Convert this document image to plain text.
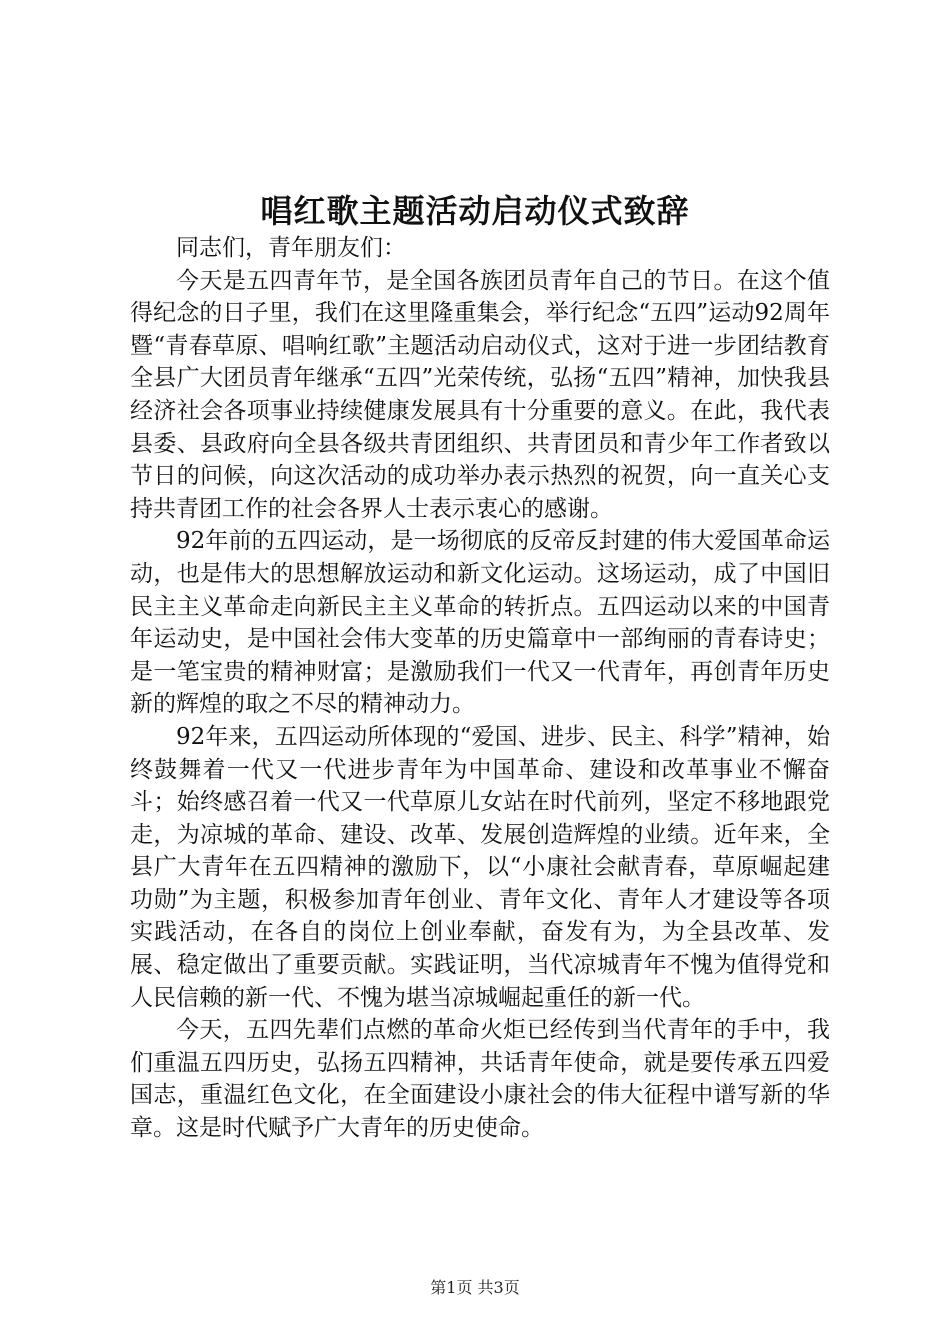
唱红歌主题活动启动仪式致辞

同志们，青年朋友们：

今天是五四青年节，是全国各族团员青年自己的节日。在这个值得纪念的日子里，我们在这里隆重集会，举行纪念“五四”运动92周年暨“青春草原、唱响红歌”主题活动启动仪式，这对于进一步团结教育全县广大团员青年继承“五四”光荣传统，弘扬“五四”精神，加快我县经济社会各项事业持续健康发展具有十分重要的意义。在此，我代表县委、县政府向全县各级共青团组织、共青团员和青少年工作者致以节日的问候，向这次活动的成功举办表示热烈的祝贺，向一直关心支持共青团工作的社会各界人士表示衷心的感谢。

92年前的五四运动，是一场彻底的反帝反封建的伟大爱国革命运动，也是伟大的思想解放运动和新文化运动。这场运动，成了中国旧民主主义革命走向新民主主义革命的转折点。五四运动以来的中国青年运动史，是中国社会伟大变革的历史篇章中一部绚丽的青春诗史；是一笔宝贵的精神财富；是激励我们一代又一代青年，再创青年历史新的辉煌的取之不尽的精神动力。

92年来，五四运动所体现的“爱国、进步、民主、科学”精神，始终鼓舞着一代又一代进步青年为中国革命、建设和改革事业不懈奋斗；始终感召着一代又一代草原儿女站在时代前列，坚定不移地跟党走，为凉城的革命、建设、改革、发展创造辉煌的业绩。近年来，全县广大青年在五四精神的激励下，以“小康社会献青春，草原崛起建功勋”为主题，积极参加青年创业、青年文化、青年人才建设等各项实践活动，在各自的岗位上创业奉献，奋发有为，为全县改革、发展、稳定做出了重要贡献。实践证明，当代凉城青年不愧为值得党和人民信赖的新一代、不愧为堪当凉城崛起重任的新一代。

今天，五四先辈们点燃的革命火炬已经传到当代青年的手中，我们重温五四历史，弘扬五四精神，共话青年使命，就是要传承五四爱国志，重温红色文化，在全面建设小康社会的伟大征程中谱写新的华章。这是时代赋予广大青年的历史使命。

第1页 共3页
